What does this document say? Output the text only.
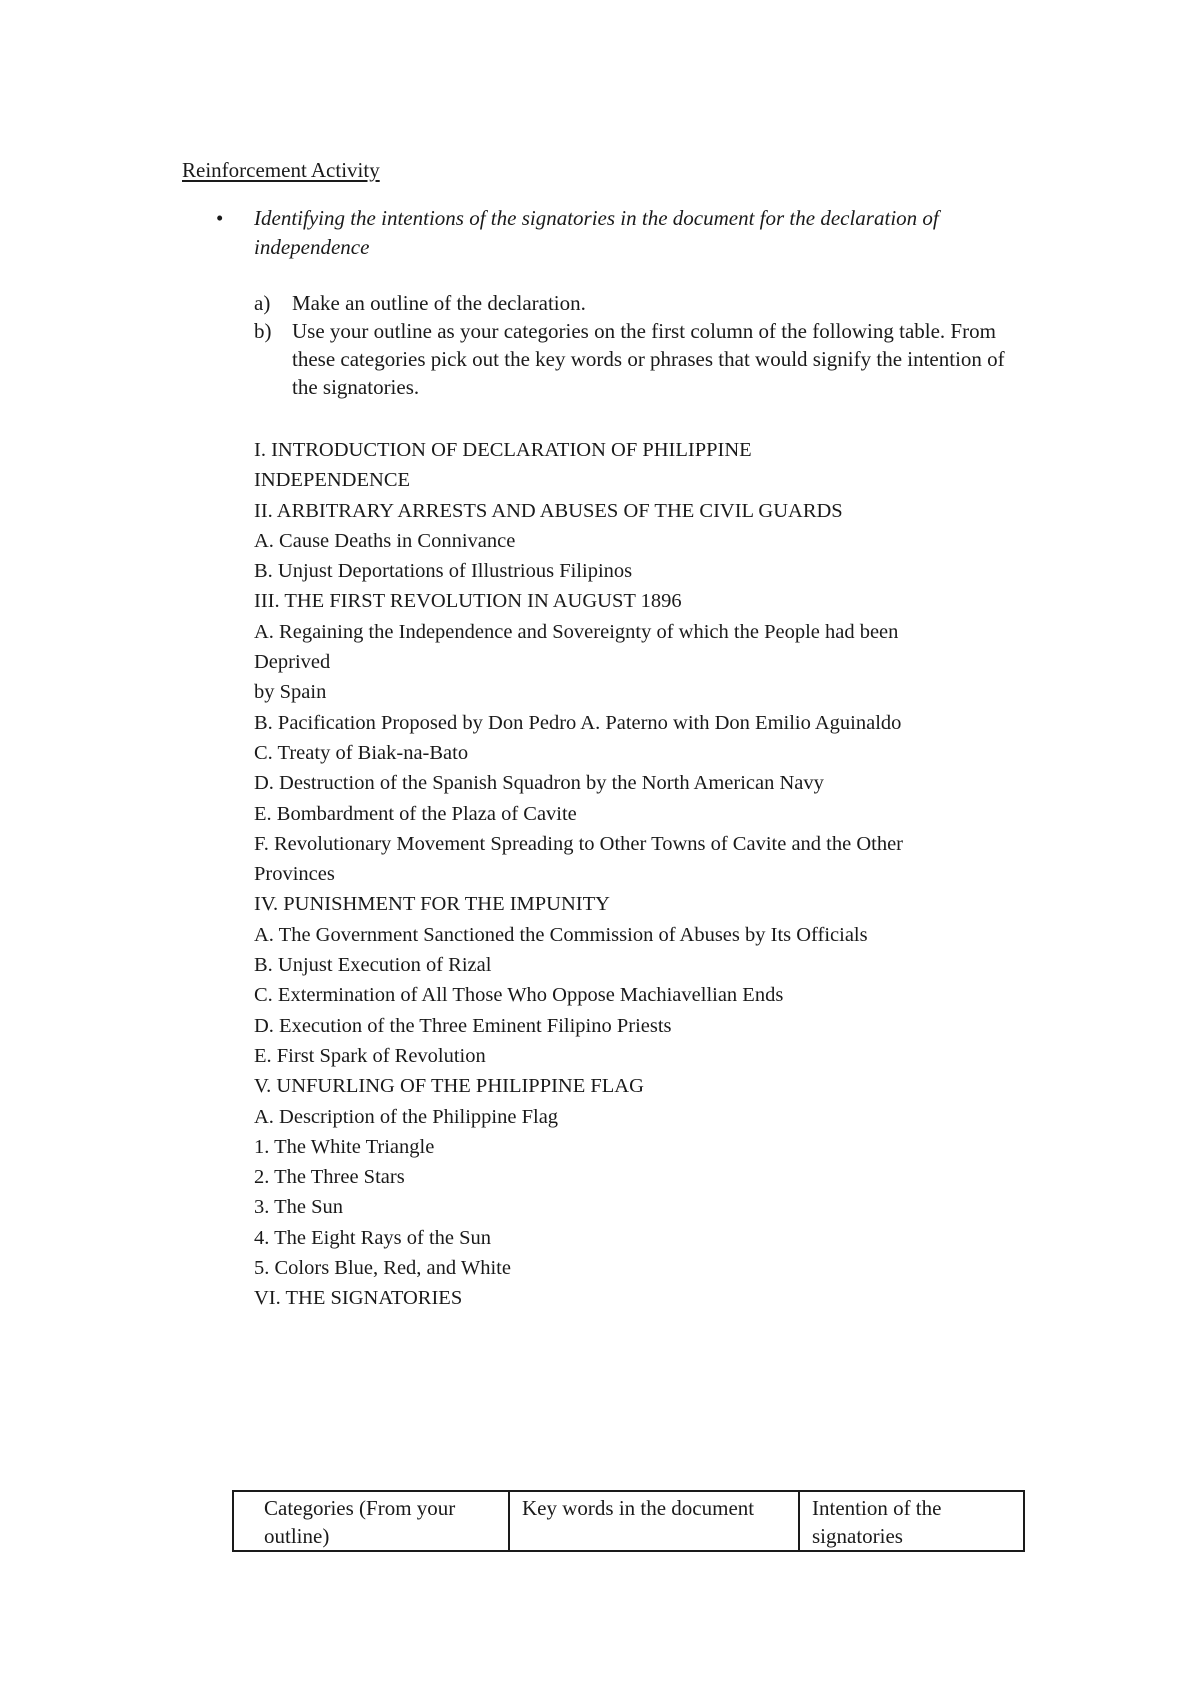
Reinforcement Activity
• Identifying the intentions of the signatories in the document for the declaration of independence
a) Make an outline of the declaration.
b) Use your outline as your categories on the first column of the following table. From these categories pick out the key words or phrases that would signify the intention of the signatories.
I. INTRODUCTION OF DECLARATION OF PHILIPPINE
INDEPENDENCE
II. ARBITRARY ARRESTS AND ABUSES OF THE CIVIL GUARDS
A. Cause Deaths in Connivance
B. Unjust Deportations of Illustrious Filipinos
III. THE FIRST REVOLUTION IN AUGUST 1896
A. Regaining the Independence and Sovereignty of which the People had been
Deprived
by Spain
B. Pacification Proposed by Don Pedro A. Paterno with Don Emilio Aguinaldo
C. Treaty of Biak-na-Bato
D. Destruction of the Spanish Squadron by the North American Navy
E. Bombardment of the Plaza of Cavite
F. Revolutionary Movement Spreading to Other Towns of Cavite and the Other
Provinces
IV. PUNISHMENT FOR THE IMPUNITY
A. The Government Sanctioned the Commission of Abuses by Its Officials
B. Unjust Execution of Rizal
C. Extermination of All Those Who Oppose Machiavellian Ends
D. Execution of the Three Eminent Filipino Priests
E. First Spark of Revolution
V. UNFURLING OF THE PHILIPPINE FLAG
A. Description of the Philippine Flag
1. The White Triangle
2. The Three Stars
3. The Sun
4. The Eight Rays of the Sun
5. Colors Blue, Red, and White
VI. THE SIGNATORIES
Categories (From your outline)	Key words in the document	Intention of the signatories
